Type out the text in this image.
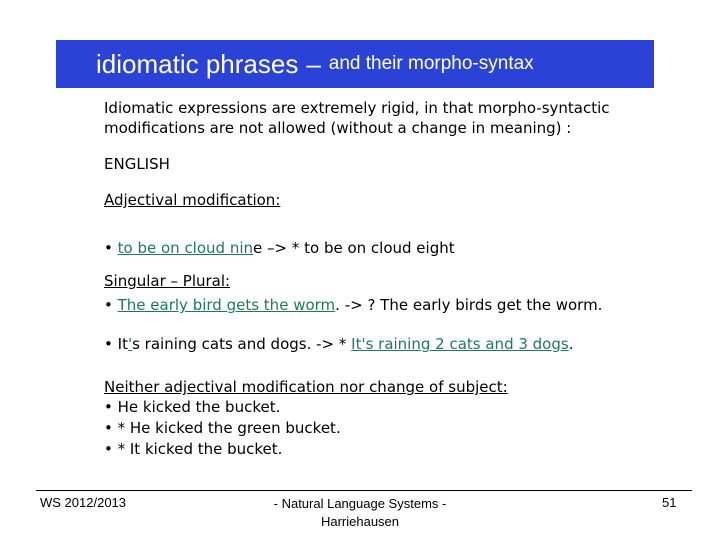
idiomatic phrases – and their morpho-syntax
Idiomatic expressions are extremely rigid, in that morpho-syntactic
modifications are not allowed (without a change in meaning) :
ENGLISH
Adjectival modification:
• to be on cloud nine –> * to be on cloud eight
Singular – Plural:
• The early bird gets the worm. -> ? The early birds get the worm.
• It's raining cats and dogs. -> * It's raining 2 cats and 3 dogs.
Neither adjectival modification nor change of subject:
• He kicked the bucket.
• * He kicked the green bucket.
• * It kicked the bucket.
WS 2012/2013	- Natural Language Systems - Harriehausen
51
